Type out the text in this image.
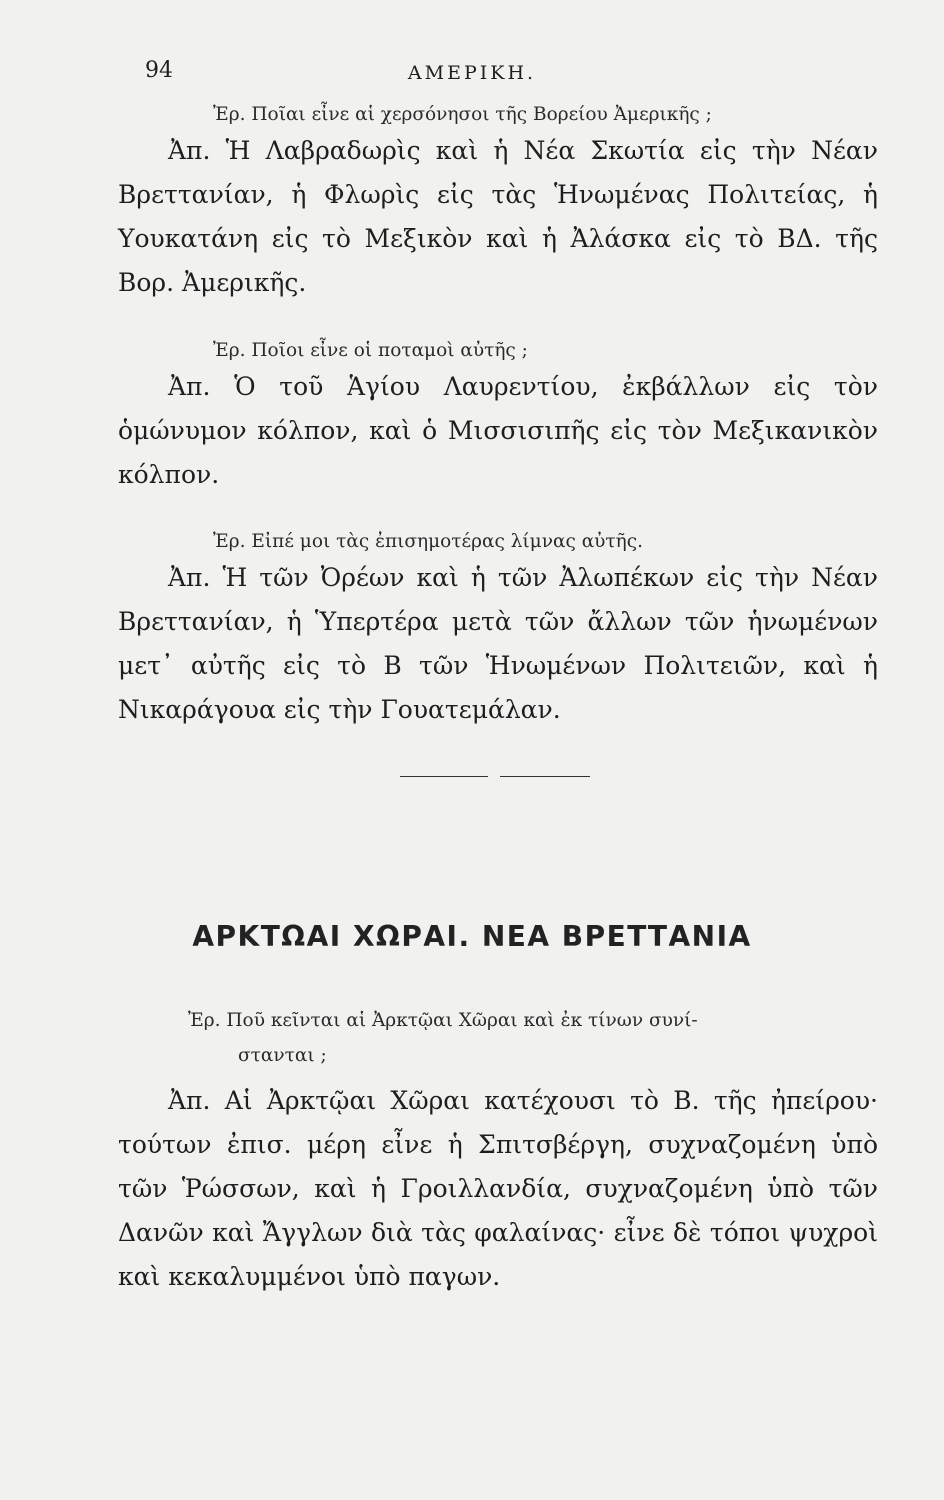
94	ΑΜΕΡΙΚΗ.
Ἐρ. Ποῖαι εἶνε αἱ χερσόνησοι τῆς Βορείου Ἀμερικῆς ;
Ἀπ. Ἡ Λαβραδωρὶς καὶ ἡ Νέα Σκωτία εἰς τὴν Νέαν Βρεττανίαν, ἡ Φλωρὶς εἰς τὰς Ἡνωμένας Πολιτείας, ἡ Υουκατάνη εἰς τὸ Μεξικὸν καὶ ἡ Ἀλάσκα εἰς τὸ ΒΔ. τῆς Βορ. Ἀμερικῆς.
Ἐρ. Ποῖοι εἶνε οἱ ποταμοὶ αὐτῆς ;
Ἀπ. Ὁ τοῦ Ἁγίου Λαυρεντίου, ἐκβάλλων εἰς τὸν ὁμώνυμον κόλπον, καὶ ὁ Μισσισιπῆς εἰς τὸν Μεξικανικὸν κόλπον.
Ἐρ. Εἰπέ μοι τὰς ἐπισημοτέρας λίμνας αὐτῆς.
Ἀπ. Ἡ τῶν Ὀρέων καὶ ἡ τῶν Ἀλωπέκων εἰς τὴν Νέαν Βρεττανίαν, ἡ Ὑπερτέρα μετὰ τῶν ἄλλων τῶν ἡνωμένων μετ᾿ αὐτῆς εἰς τὸ Β τῶν Ἡνωμένων Πολιτειῶν, καὶ ἡ Νικαράγουα εἰς τὴν Γουατεμάλαν.
ΑΡΚΤΩΑΙ ΧΩΡΑΙ. ΝΕΑ ΒΡΕΤΤΑΝΙΑ
Ἐρ. Ποῦ κεῖνται αἱ Ἀρκτῷαι Χῶραι καὶ ἐκ τίνων συνί-
στανται ;
Ἀπ. Αἱ Ἀρκτῷαι Χῶραι κατέχουσι τὸ Β. τῆς ἠπείρου· τούτων ἐπισ. μέρη εἶνε ἡ Σπιτσβέργη, συχναζομένη ὑπὸ τῶν Ῥώσσων, καὶ ἡ Γροιλλανδία, συχναζομένη ὑπὸ τῶν Δανῶν καὶ Ἄγγλων διὰ τὰς φαλαίνας· εἶνε δὲ τόποι ψυχροὶ καὶ κεκαλυμμένοι ὑπὸ παγων.
